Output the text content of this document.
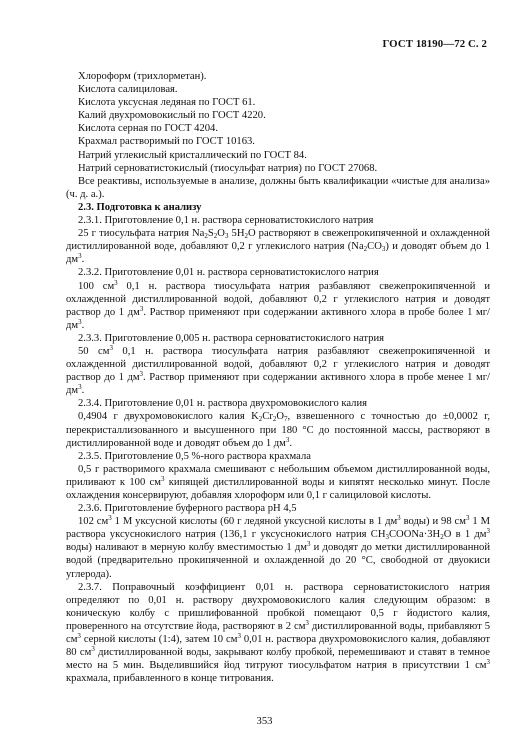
ГОСТ 18190—72 С. 2

Хлороформ (трихлорметан).

Кислота салициловая.

Кислота уксусная ледяная по ГОСТ 61.

Калий двухромовокислый по ГОСТ 4220.

Кислота серная по ГОСТ 4204.

Крахмал растворимый по ГОСТ 10163.

Натрий углекислый кристаллический по ГОСТ 84.

Натрий серноватистокислый (тиосульфат натрия) по ГОСТ 27068.

Все реактивы, используемые в анализе, должны быть квалификации «чистые для анализа» (ч. д. а.).

2.3. Подготовка к анализу

2.3.1. Приготовление 0,1 н. раствора серноватистокислого натрия

25 г тиосульфата натрия $Na_2S_2O_3$ $5H_2O$ растворяют в свежепрокипяченной и охлажденной дистиллированной воде, добавляют 0,2 г углекислого натрия $(Na_2CO_3)$ и доводят объем до 1 $дм^3$.

2.3.2. Приготовление 0,01 н. раствора серноватистокислого натрия

100 $см^3$ 0,1 н. раствора тиосульфата натрия разбавляют свежепрокипяченной и охлажденной дистиллированной водой, добавляют 0,2 г углекислого натрия и доводят раствор до 1 $дм^3$. Раствор применяют при содержании активного хлора в пробе более 1 $мг/дм^3$.

2.3.3. Приготовление 0,005 н. раствора серноватистокислого натрия

50 $см^3$ 0,1 н. раствора тиосульфата натрия разбавляют свежепрокипяченной и охлажденной дистиллированной водой, добавляют 0,2 г углекислого натрия и доводят раствор до 1 $дм^3$. Раствор применяют при содержании активного хлора в пробе менее 1 $мг/дм^3$.

2.3.4. Приготовление 0,01 н. раствора двухромовокислого калия

0,4904 г двухромовокислого калия $K_2Cr_2O_7$, взвешенного с точностью до ±0,0002 г, перекристаллизованного и высушенного при 180 °С до постоянной массы, растворяют в дистиллированной воде и доводят объем до 1 $дм^3$.

2.3.5. Приготовление 0,5 %-ного раствора крахмала

0,5 г растворимого крахмала смешивают с небольшим объемом дистиллированной воды, приливают к 100 $см^3$ кипящей дистиллированной воды и кипятят несколько минут. После охлаждения консервируют, добавляя хлороформ или 0,1 г салициловой кислоты.

2.3.6. Приготовление буферного раствора pH 4,5

102 $см^3$ 1 М уксусной кислоты (60 г ледяной уксусной кислоты в 1 $дм^3$ воды) и 98 $см^3$ 1 М раствора уксуснокислого натрия (136,1 г уксуснокислого натрия $CH_3COONa\cdot 3H_2O$ в 1 $дм^3$ воды) наливают в мерную колбу вместимостью 1 $дм^3$ и доводят до метки дистиллированной водой (предварительно прокипяченной и охлажденной до 20 °С, свободной от двуокиси углерода).

2.3.7. Поправочный коэффициент 0,01 н. раствора серноватистокислого натрия определяют по 0,01 н. раствору двухромовокислого калия следующим образом: в коническую колбу с пришлифованной пробкой помещают 0,5 г йодистого калия, проверенного на отсутствие йода, растворяют в 2 $см^3$ дистиллированной воды, прибавляют 5 $см^3$ серной кислоты (1:4), затем 10 $см^3$ 0,01 н. раствора двухромовокислого калия, добавляют 80 $см^3$ дистиллированной воды, закрывают колбу пробкой, перемешивают и ставят в темное место на 5 мин. Выделившийся йод титруют тиосульфатом натрия в присутствии 1 $см^3$ крахмала, прибавленного в конце титрования.

353
